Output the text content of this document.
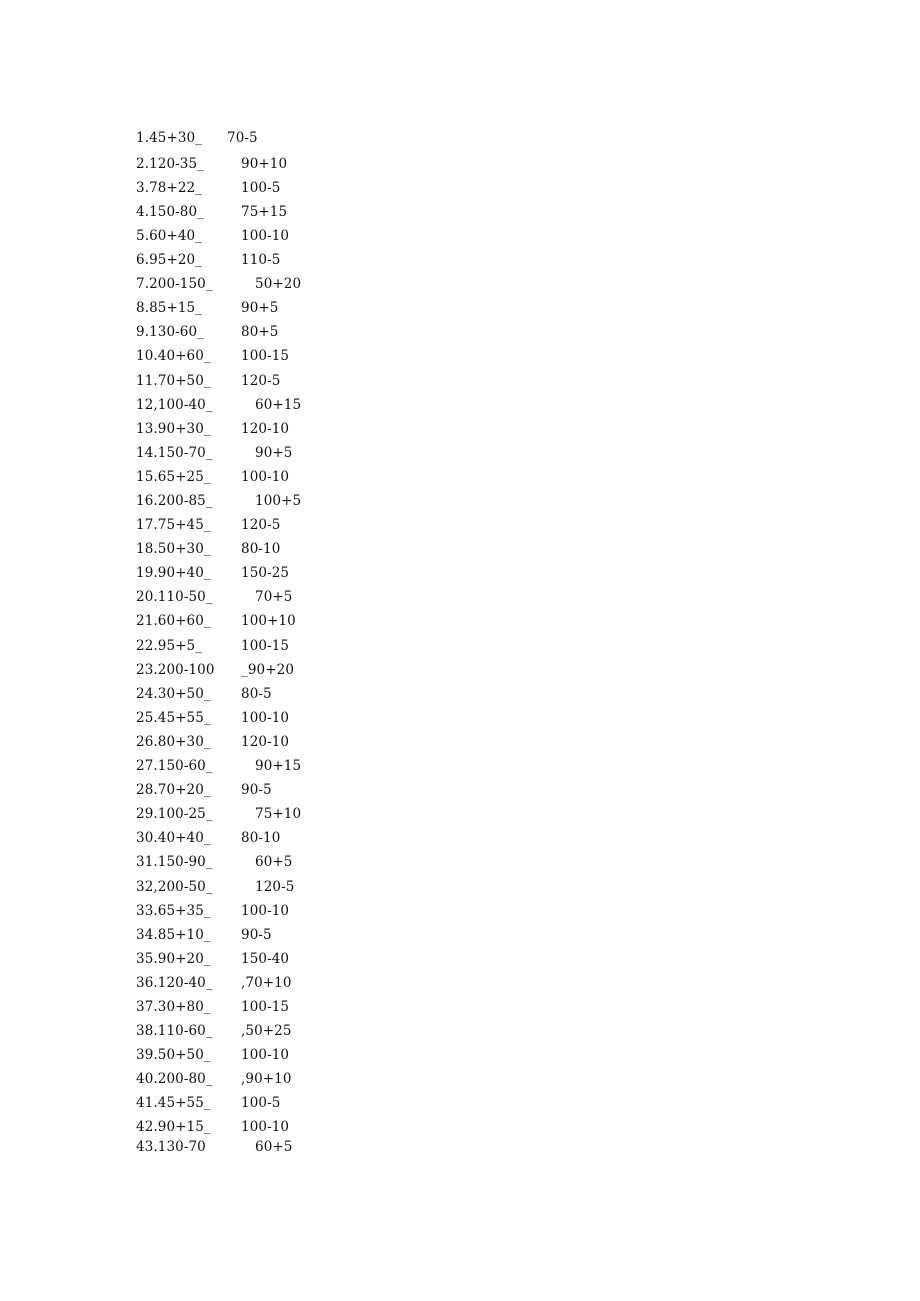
1.45+30_ 70-5
2.120-35_	90+10
3.78+22_	100-5
4.150-80_	75+15
5.60+40_	100-10
6.95+20_	110-5
7.200-150_	50+20
8.85+15_	90+5
9.130-60_	80+5
10.40+60_ 100-15
11.70+50_ 120-5
12,100-40_	60+15
13.90+30_ 120-10
14.150-70_	90+5
15.65+25_ 100-10
16.200-85_	100+5
17.75+45_ 120-5
18.50+30_ 80-10
19.90+40_ 150-25
20.110-50_	70+5
21.60+60_ 100+10
22.95+5_	100-15
23.200-100 _90+20
24.30+50_ 80-5
25.45+55_ 100-10
26.80+30_ 120-10
27.150-60_	90+15
28.70+20_ 90-5
29.100-25_	75+10
30.40+40_ 80-10
31.150-90_	60+5
32,200-50_	120-5
33.65+35_ 100-10
34.85+10_ 90-5
35.90+20_ 150-40
36.120-40_ ,70+10
37.30+80_ 100-15
38.110-60_ ,50+25
39.50+50_ 100-10
40.200-80_ ,90+10
41.45+55_ 100-5
42.90+15_ 100-10
43.130-70	60+5
